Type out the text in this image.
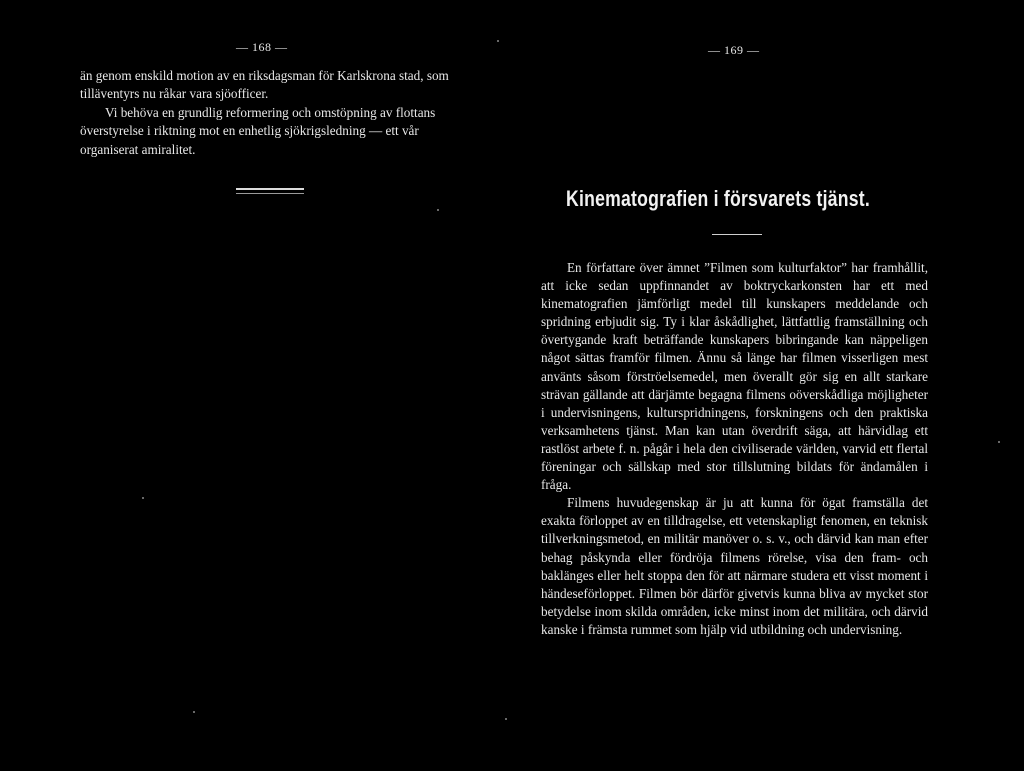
— 168 —

än genom enskild motion av en riksdagsman för Karlskrona stad, som tilläventyrs nu råkar vara sjöofficer.

Vi behöva en grundlig reformering och omstöpning av flottans överstyrelse i riktning mot en enhetlig sjökrigsledning — ett vår organiserat amiralitet.

— 169 —
Kinematografien i försvarets tjänst.

En författare över ämnet ”Filmen som kulturfaktor” har framhållit, att icke sedan uppfinnandet av boktryckarkonsten har ett med kinematografien jämförligt medel till kunskapers meddelande och spridning erbjudit sig. Ty i klar åskådlighet, lättfattlig framställning och övertygande kraft beträffande kunskapers bibringande kan näppeligen något sättas framför filmen. Ännu så länge har filmen visserligen mest använts såsom förströelsemedel, men överallt gör sig en allt starkare strävan gällande att därjämte begagna filmens oöverskådliga möjligheter i undervisningens, kulturspridningens, forskningens och den praktiska verksamhetens tjänst. Man kan utan överdrift säga, att härvidlag ett rastlöst arbete f. n. pågår i hela den civiliserade världen, varvid ett flertal föreningar och sällskap med stor tillslutning bildats för ändamålen i fråga.

Filmens huvudegenskap är ju att kunna för ögat framställa det exakta förloppet av en tilldragelse, ett vetenskapligt fenomen, en teknisk tillverkningsmetod, en militär manöver o. s. v., och därvid kan man efter behag påskynda eller fördröja filmens rörelse, visa den fram- och baklänges eller helt stoppa den för att närmare studera ett visst moment i händeseförloppet. Filmen bör därför givetvis kunna bliva av mycket stor betydelse inom skilda områden, icke minst inom det militära, och därvid kanske i främsta rummet som hjälp vid utbildning och undervisning.
